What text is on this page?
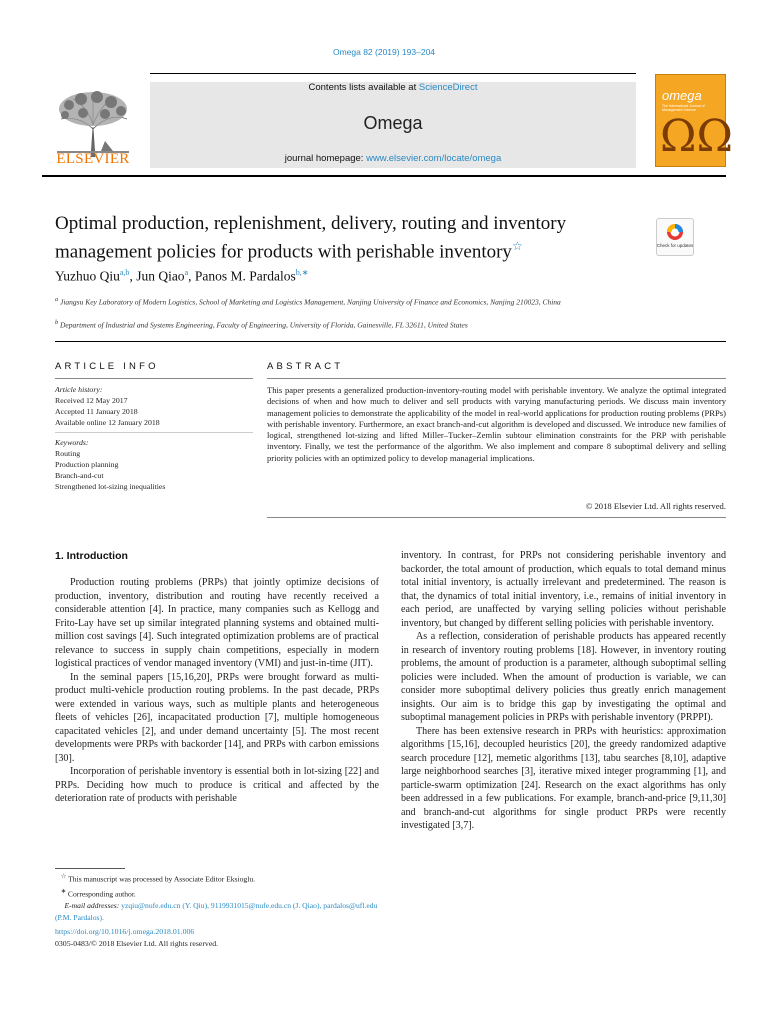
Omega 82 (2019) 193–204
ELSEVIER
Contents lists available at ScienceDirect
Omega
journal homepage: www.elsevier.com/locate/omega
omega
The International Journal of Management Science
ΩΩ
Optimal production, replenishment, delivery, routing and inventory management policies for products with perishable inventory☆	Check for updates
Yuzhuo Qiu$^{a,b}$, Jun Qiao$^a$, Panos M. Pardalos$^{b,∗}$
$^a$ Jiangsu Key Laboratory of Modern Logistics, School of Marketing and Logistics Management, Nanjing University of Finance and Economics, Nanjing 210023, China
$^b$ Department of Industrial and Systems Engineering, Faculty of Engineering, University of Florida, Gainesville, FL 32611, United States
ARTICLE INFO
Article history:
Received 12 May 2017
Accepted 11 January 2018
Available online 12 January 2018
Keywords:
Routing
Production planning
Branch-and-cut
Strengthened lot-sizing inequalities
ABSTRACT
This paper presents a generalized production-inventory-routing model with perishable inventory. We analyze the optimal integrated decisions of when and how much to deliver and sell products with varying manufacturing periods. We discuss main inventory management policies to demonstrate the applicability of the model in real-world applications for production routing problems (PRPs) with perishable inventory. Furthermore, an exact branch-and-cut algorithm is developed and discussed. We introduce new families of logical, strengthened lot-sizing and lifted Miller–Tucker–Zemlin subtour elimination constraints for the PRP with perishable inventory. Finally, we test the performance of the algorithm. We also implement and compare 8 suboptimal delivery and selling priority policies with an optimized policy to develop managerial implications.
© 2018 Elsevier Ltd. All rights reserved.
1. Introduction

Production routing problems (PRPs) that jointly optimize decisions of production, inventory, distribution and routing have recently received a considerable attention [4]. In practice, many companies such as Kellogg and Frito-Lay have set up similar integrated planning systems and obtained multi-million cost savings [4]. Such integrated optimization problems are of practical relevance to success in supply chain competitions, especially in modern logistical practices of vendor managed inventory (VMI) and just-in-time (JIT).

In the seminal papers [15,16,20], PRPs were brought forward as multi-product multi-vehicle production routing problems. In the past decade, PRPs were extended in various ways, such as multiple plants and heterogeneous fleets of vehicles [26], incapacitated production [7], multiple homogeneous capacitated vehicles [2], and under demand uncertainty [5]. The most recent developments were PRPs with backorder [14], and PRPs with carbon emissions [30].

Incorporation of perishable inventory is essential both in lot-sizing [22] and PRPs. Deciding how much to produce is critical and affected by the deterioration rate of products with perishable

inventory. In contrast, for PRPs not considering perishable inventory and backorder, the total amount of production, which equals to total demand minus total initial inventory, is actually irrelevant and predetermined. The reason is that, the dynamics of total initial inventory, i.e., remains of initial inventory in each period, are unaffected by varying selling policies without perishable inventory, but changed by different selling policies with perishable inventory.

As a reflection, consideration of perishable products has appeared recently in research of inventory routing problems [18]. However, in inventory routing problems, the amount of production is a parameter, although suboptimal selling policies were included. When the amount of production is variable, we can consider more suboptimal delivery policies thus greatly enrich management insights. Our aim is to bridge this gap by investigating the optimal and suboptimal management policies in PRPs with perishable inventory (PRPPI).

There has been extensive research in PRPs with heuristics: approximation algorithms [15,16], decoupled heuristics [20], the greedy randomized adaptive search procedure [12], memetic algorithms [13], tabu searches [8,10], adaptive large neighborhood searches [3], iterative mixed integer programming [1], and particle-swarm optimization [24]. Research on the exact algorithms has only been addressed in a few publications. For example, branch-and-price [9,11,30] and branch-and-cut algorithms for single product PRPs were recently investigated [3,7].

☆ This manuscript was processed by Associate Editor Eksioglu.
∗ Corresponding author.
E-mail addresses: yzqiu@nufe.edu.cn (Y. Qiu), 9119931015@nufe.edu.cn (J. Qiao), pardalos@ufl.edu (P.M. Pardalos).
https://doi.org/10.1016/j.omega.2018.01.006
0305-0483/© 2018 Elsevier Ltd. All rights reserved.
